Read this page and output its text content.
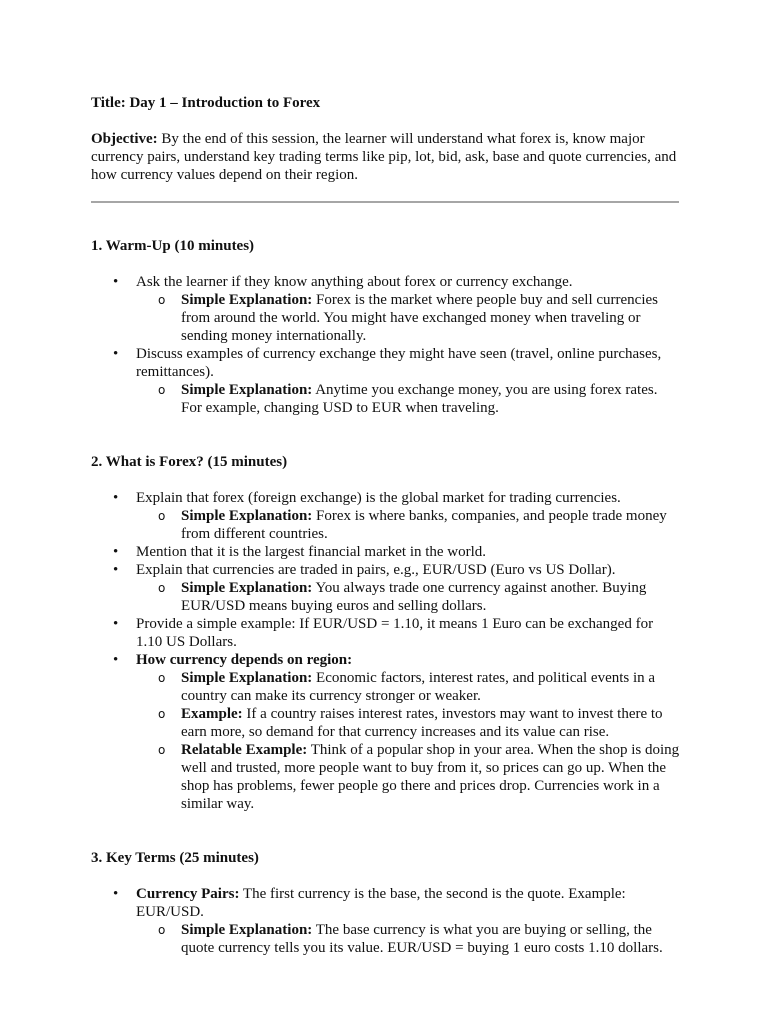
Title: Day 1 – Introduction to Forex

Objective: By the end of this session, the learner will understand what forex is, know major currency pairs, understand key trading terms like pip, lot, bid, ask, base and quote currencies, and how currency values depend on their region.

1. Warm-Up (10 minutes)

• Ask the learner if they know anything about forex or currency exchange.
o Simple Explanation: Forex is the market where people buy and sell currencies from around the world. You might have exchanged money when traveling or sending money internationally.
• Discuss examples of currency exchange they might have seen (travel, online purchases, remittances).
o Simple Explanation: Anytime you exchange money, you are using forex rates. For example, changing USD to EUR when traveling.

2. What is Forex? (15 minutes)

• Explain that forex (foreign exchange) is the global market for trading currencies.
o Simple Explanation: Forex is where banks, companies, and people trade money from different countries.
• Mention that it is the largest financial market in the world.
• Explain that currencies are traded in pairs, e.g., EUR/USD (Euro vs US Dollar).
o Simple Explanation: You always trade one currency against another. Buying EUR/USD means buying euros and selling dollars.
• Provide a simple example: If EUR/USD = 1.10, it means 1 Euro can be exchanged for 1.10 US Dollars.
• How currency depends on region:
o Simple Explanation: Economic factors, interest rates, and political events in a country can make its currency stronger or weaker.
o Example: If a country raises interest rates, investors may want to invest there to earn more, so demand for that currency increases and its value can rise.
o Relatable Example: Think of a popular shop in your area. When the shop is doing well and trusted, more people want to buy from it, so prices can go up. When the shop has problems, fewer people go there and prices drop. Currencies work in a similar way.

3. Key Terms (25 minutes)

• Currency Pairs: The first currency is the base, the second is the quote. Example: EUR/USD.
o Simple Explanation: The base currency is what you are buying or selling, the quote currency tells you its value. EUR/USD = buying 1 euro costs 1.10 dollars.
